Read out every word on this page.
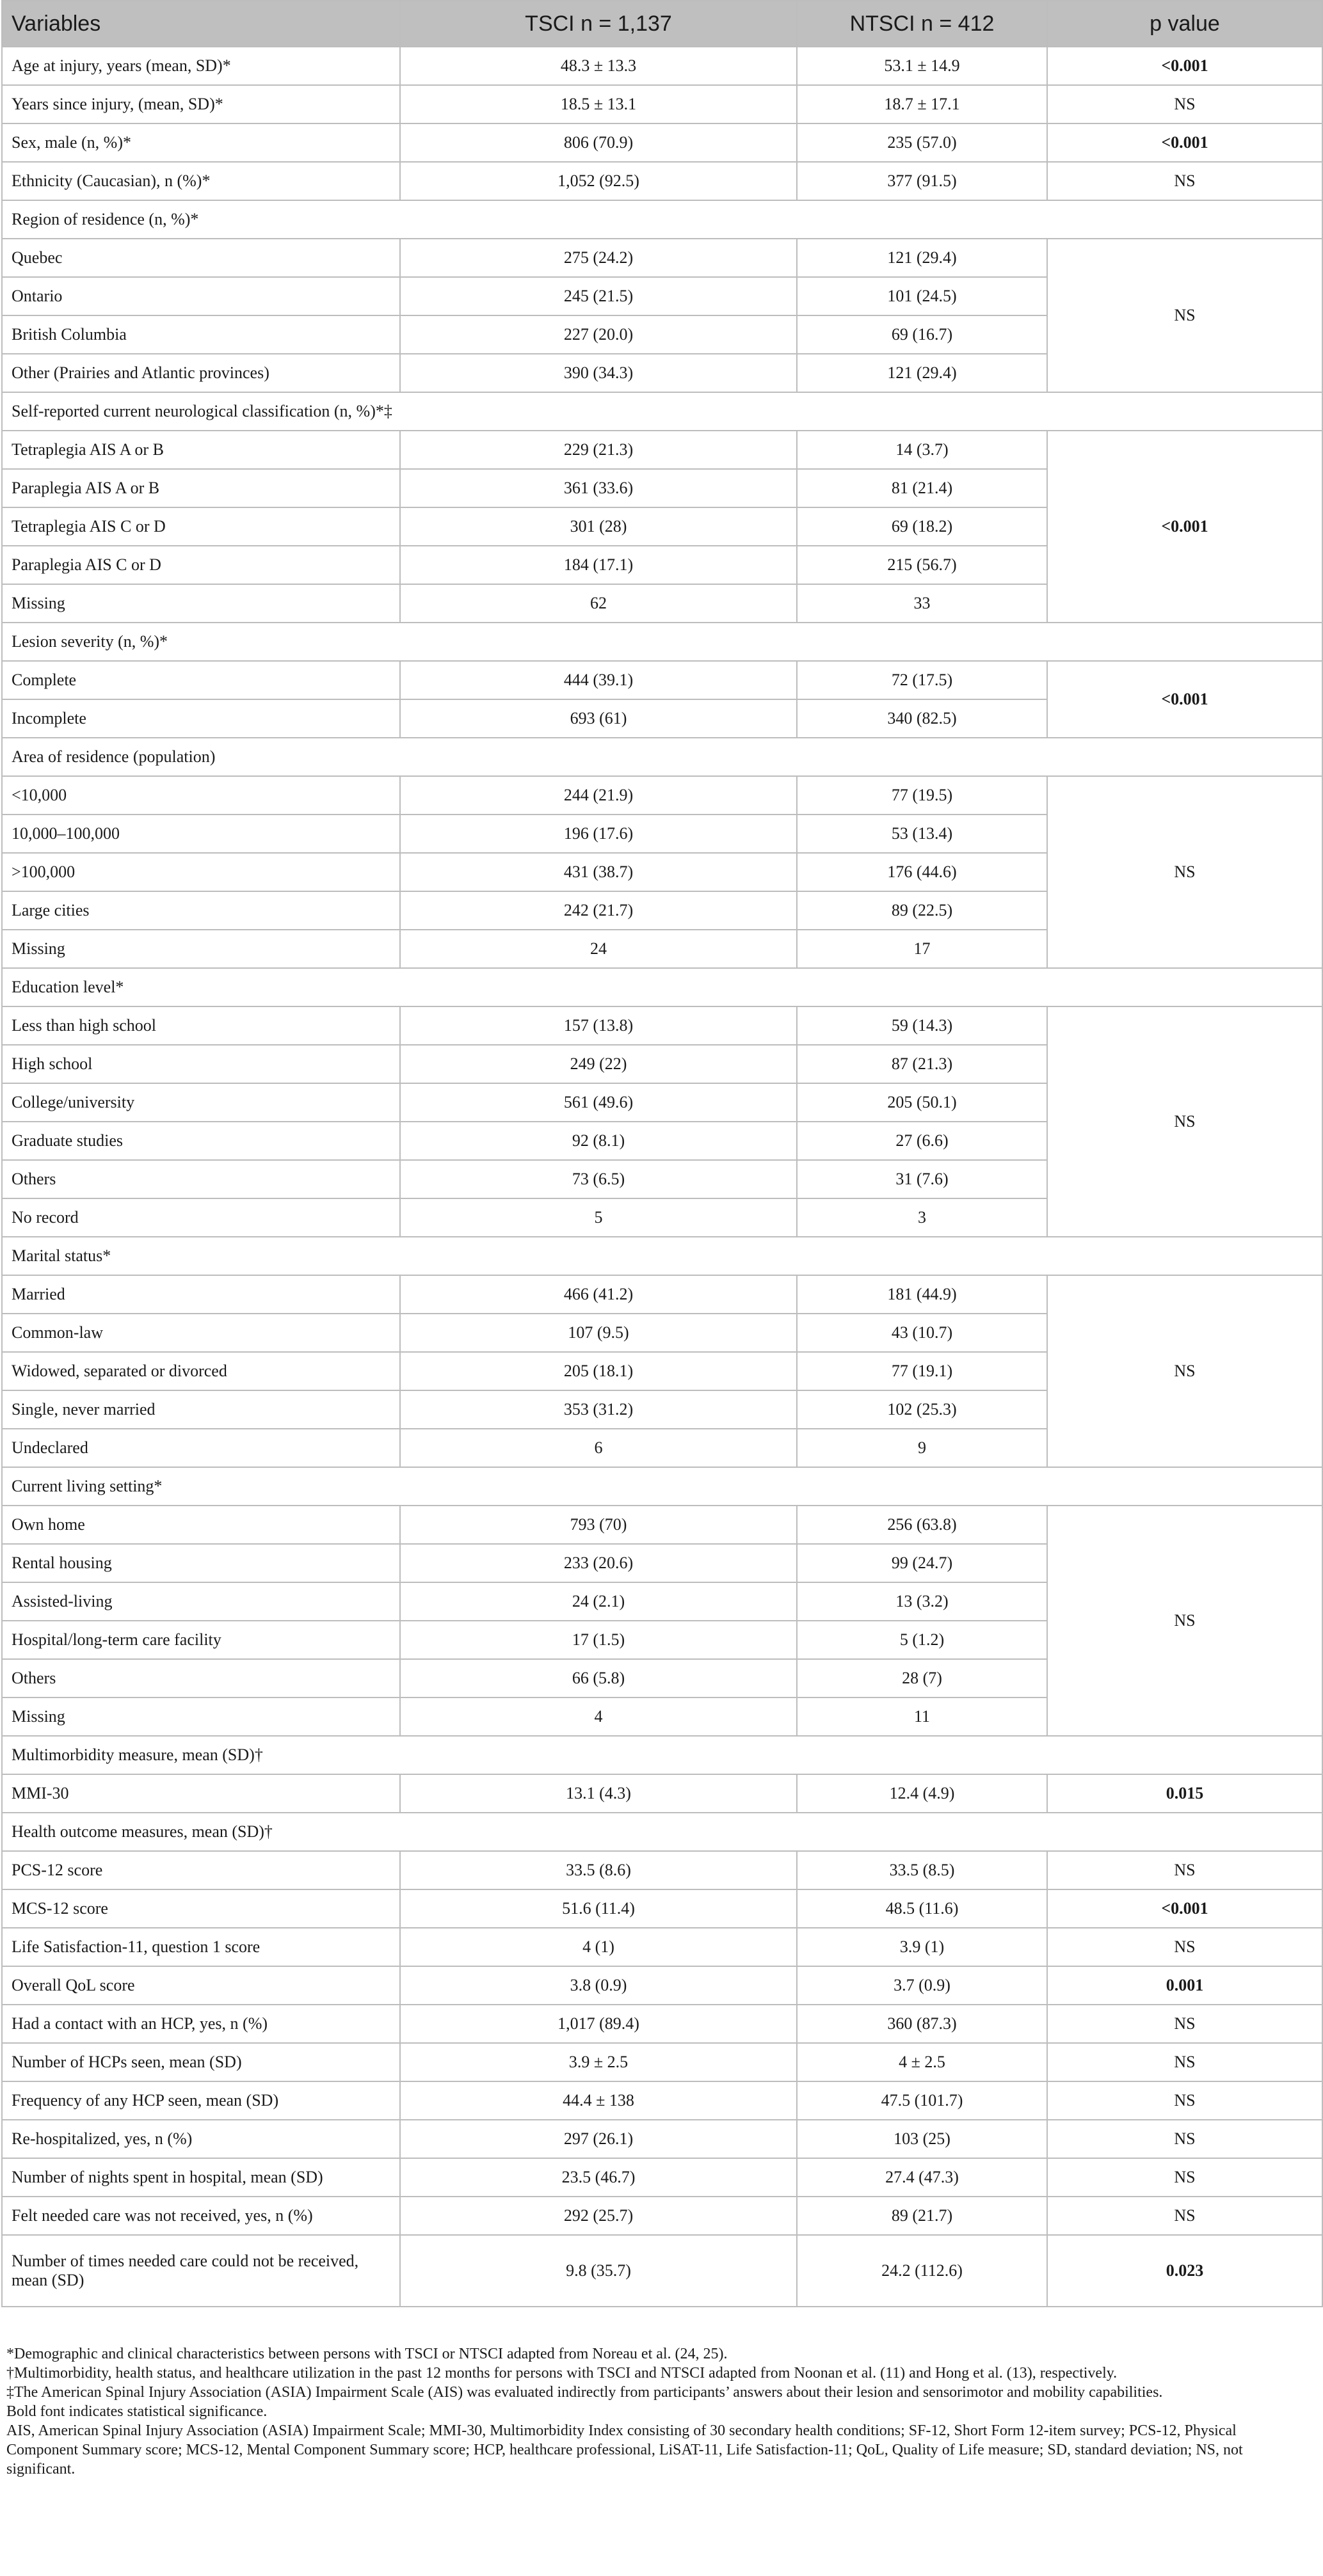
Variables	TSCI n = 1,137	NTSCI n = 412	p value
Age at injury, years (mean, SD)*	48.3 ± 13.3	53.1 ± 14.9	<0.001
Years since injury, (mean, SD)*	18.5 ± 13.1	18.7 ± 17.1	NS
Sex, male (n, %)*	806 (70.9)	235 (57.0)	<0.001
Ethnicity (Caucasian), n (%)*	1,052 (92.5)	377 (91.5)	NS
Region of residence (n, %)*			
Quebec	275 (24.2)	121 (29.4)	NS
Ontario	245 (21.5)	101 (24.5)	
British Columbia	227 (20.0)	69 (16.7)	
Other (Prairies and Atlantic provinces)	390 (34.3)	121 (29.4)	
Self-reported current neurological classification (n, %)*‡			
Tetraplegia AIS A or B	229 (21.3)	14 (3.7)	<0.001
Paraplegia AIS A or B	361 (33.6)	81 (21.4)	
Tetraplegia AIS C or D	301 (28)	69 (18.2)	
Paraplegia AIS C or D	184 (17.1)	215 (56.7)	
Missing	62	33	
Lesion severity (n, %)*			
Complete	444 (39.1)	72 (17.5)	<0.001
Incomplete	693 (61)	340 (82.5)	
Area of residence (population)			
<10,000	244 (21.9)	77 (19.5)	NS
10,000–100,000	196 (17.6)	53 (13.4)	
>100,000	431 (38.7)	176 (44.6)	
Large cities	242 (21.7)	89 (22.5)	
Missing	24	17	
Education level*			
Less than high school	157 (13.8)	59 (14.3)	NS
High school	249 (22)	87 (21.3)	
College/university	561 (49.6)	205 (50.1)	
Graduate studies	92 (8.1)	27 (6.6)	
Others	73 (6.5)	31 (7.6)	
No record	5	3	
Marital status*			
Married	466 (41.2)	181 (44.9)	NS
Common-law	107 (9.5)	43 (10.7)	
Widowed, separated or divorced	205 (18.1)	77 (19.1)	
Single, never married	353 (31.2)	102 (25.3)	
Undeclared	6	9	
Current living setting*			
Own home	793 (70)	256 (63.8)	NS
Rental housing	233 (20.6)	99 (24.7)	
Assisted-living	24 (2.1)	13 (3.2)	
Hospital/long-term care facility	17 (1.5)	5 (1.2)	
Others	66 (5.8)	28 (7)	
Missing	4	11	
Multimorbidity measure, mean (SD)†			
MMI-30	13.1 (4.3)	12.4 (4.9)	0.015
Health outcome measures, mean (SD)†			
PCS-12 score	33.5 (8.6)	33.5 (8.5)	NS
MCS-12 score	51.6 (11.4)	48.5 (11.6)	<0.001
Life Satisfaction-11, question 1 score	4 (1)	3.9 (1)	NS
Overall QoL score	3.8 (0.9)	3.7 (0.9)	0.001
Had a contact with an HCP, yes, n (%)	1,017 (89.4)	360 (87.3)	NS
Number of HCPs seen, mean (SD)	3.9 ± 2.5	4 ± 2.5	NS
Frequency of any HCP seen, mean (SD)	44.4 ± 138	47.5 (101.7)	NS
Re-hospitalized, yes, n (%)	297 (26.1)	103 (25)	NS
Number of nights spent in hospital, mean (SD)	23.5 (46.7)	27.4 (47.3)	NS
Felt needed care was not received, yes, n (%)	292 (25.7)	89 (21.7)	NS
Number of times needed care could not be received, mean (SD)	9.8 (35.7)	24.2 (112.6)	0.023

*Demographic and clinical characteristics between persons with TSCI or NTSCI adapted from Noreau et al. (24, 25).

†Multimorbidity, health status, and healthcare utilization in the past 12 months for persons with TSCI and NTSCI adapted from Noonan et al. (11) and Hong et al. (13), respectively.

‡The American Spinal Injury Association (ASIA) Impairment Scale (AIS) was evaluated indirectly from participants’ answers about their lesion and sensorimotor and mobility capabilities.

Bold font indicates statistical significance.

AIS, American Spinal Injury Association (ASIA) Impairment Scale; MMI-30, Multimorbidity Index consisting of 30 secondary health conditions; SF-12, Short Form 12-item survey; PCS-12, Physical Component Summary score; MCS-12, Mental Component Summary score; HCP, healthcare professional, LiSAT-11, Life Satisfaction-11; QoL, Quality of Life measure; SD, standard deviation; NS, not significant.
